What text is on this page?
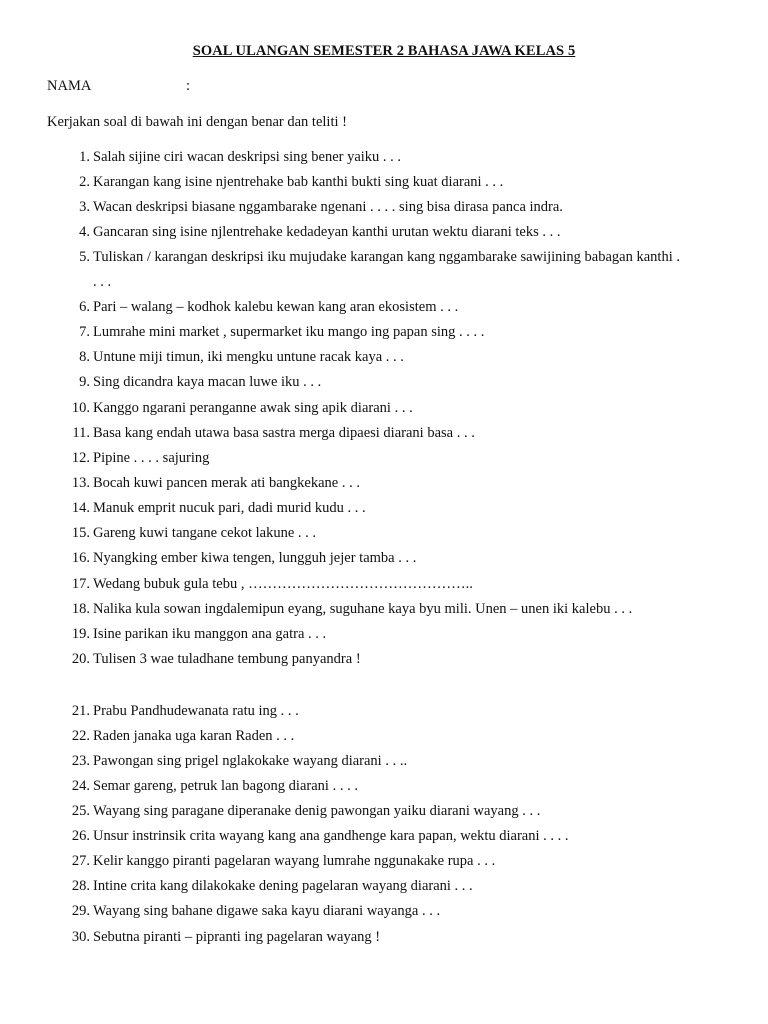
SOAL ULANGAN SEMESTER 2 BAHASA JAWA KELAS 5
NAMA	:
Kerjakan soal di bawah ini dengan benar dan teliti !
1. Salah sijine ciri wacan deskripsi sing bener yaiku . . .
2. Karangan kang isine njentrehake bab kanthi bukti sing kuat diarani . . .
3. Wacan deskripsi biasane nggambarake ngenani . . . . sing bisa dirasa panca indra.
4. Gancaran sing isine njlentrehake kedadeyan kanthi urutan wektu diarani teks . . .
5. Tuliskan / karangan deskripsi iku mujudake karangan kang nggambarake sawijining babagan kanthi .
. . .
6. Pari – walang – kodhok kalebu kewan kang aran ekosistem . . .
7. Lumrahe mini market , supermarket iku mango ing papan sing . . . .
8. Untune miji timun, iki mengku untune racak kaya . . .
9. Sing dicandra kaya macan luwe iku . . .
10. Kanggo ngarani peranganne awak sing apik diarani . . .
11. Basa kang endah utawa basa sastra merga dipaesi diarani basa . . .
12. Pipine . . . . sajuring
13. Bocah kuwi pancen merak ati bangkekane . . .
14. Manuk emprit nucuk pari, dadi murid kudu . . .
15. Gareng kuwi tangane cekot lakune . . .
16. Nyangking ember kiwa tengen, lungguh jejer tamba . . .
17. Wedang bubuk gula tebu , ………………………………………..
18. Nalika kula sowan ingdalemipun eyang, suguhane kaya byu mili. Unen – unen iki kalebu . . .
19. Isine parikan iku manggon ana gatra . . .
20. Tulisen 3 wae tuladhane tembung panyandra !
21. Prabu Pandhudewanata ratu ing . . .
22. Raden janaka uga karan Raden . . .
23. Pawongan sing prigel nglakokake wayang diarani . . ..
24. Semar gareng, petruk lan bagong diarani . . . .
25. Wayang sing paragane diperanake denig pawongan yaiku diarani wayang . . .
26. Unsur instrinsik crita wayang kang ana gandhenge kara papan, wektu diarani . . . .
27. Kelir kanggo piranti pagelaran wayang lumrahe nggunakake rupa . . .
28. Intine crita kang dilakokake dening pagelaran wayang diarani . . .
29. Wayang sing bahane digawe saka kayu diarani wayanga . . .
30. Sebutna piranti – pipranti ing pagelaran wayang !
